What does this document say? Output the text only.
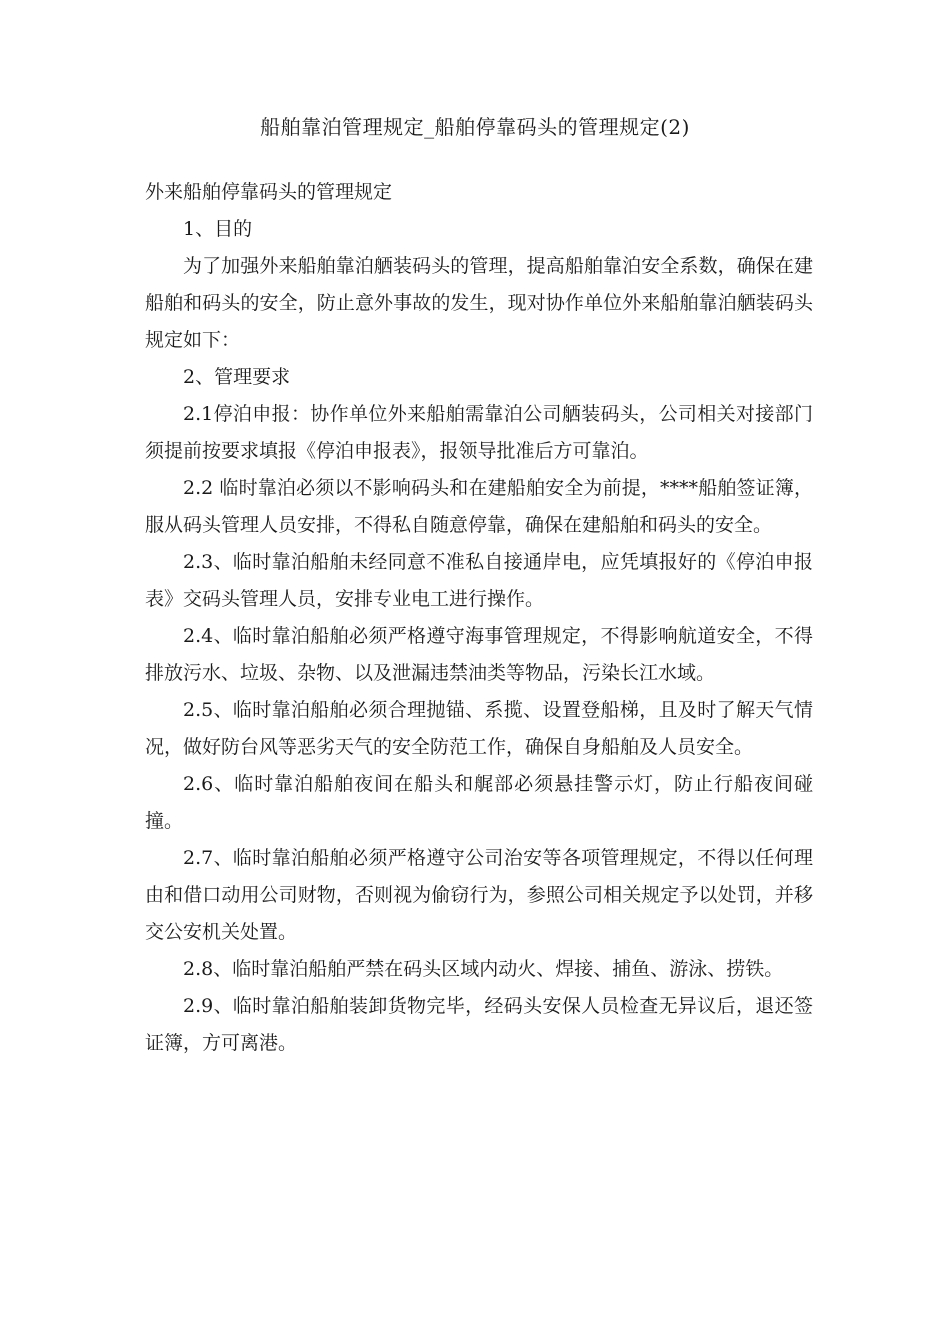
船舶靠泊管理规定_船舶停靠码头的管理规定(2)

外来船舶停靠码头的管理规定

1、目的

为了加强外来船舶靠泊舾装码头的管理，提高船舶靠泊安全系数，确保在建船舶和码头的安全，防止意外事故的发生，现对协作单位外来船舶靠泊舾装码头规定如下：

2、管理要求

2.1停泊申报：协作单位外来船舶需靠泊公司舾装码头，公司相关对接部门须提前按要求填报《停泊申报表》，报领导批准后方可靠泊。

2.2 临时靠泊必须以不影响码头和在建船舶安全为前提，****船舶签证簿，服从码头管理人员安排，不得私自随意停靠，确保在建船舶和码头的安全。

2.3、临时靠泊船舶未经同意不准私自接通岸电，应凭填报好的《停泊申报表》交码头管理人员，安排专业电工进行操作。

2.4、临时靠泊船舶必须严格遵守海事管理规定，不得影响航道安全，不得排放污水、垃圾、杂物、以及泄漏违禁油类等物品，污染长江水域。

2.5、临时靠泊船舶必须合理抛锚、系揽、设置登船梯，且及时了解天气情况，做好防台风等恶劣天气的安全防范工作，确保自身船舶及人员安全。

2.6、临时靠泊船舶夜间在船头和艉部必须悬挂警示灯，防止行船夜间碰撞。

2.7、临时靠泊船舶必须严格遵守公司治安等各项管理规定，不得以任何理由和借口动用公司财物，否则视为偷窃行为，参照公司相关规定予以处罚，并移交公安机关处置。

2.8、临时靠泊船舶严禁在码头区域内动火、焊接、捕鱼、游泳、捞铁。

2.9、临时靠泊船舶装卸货物完毕，经码头安保人员检查无异议后，退还签证簿，方可离港。
